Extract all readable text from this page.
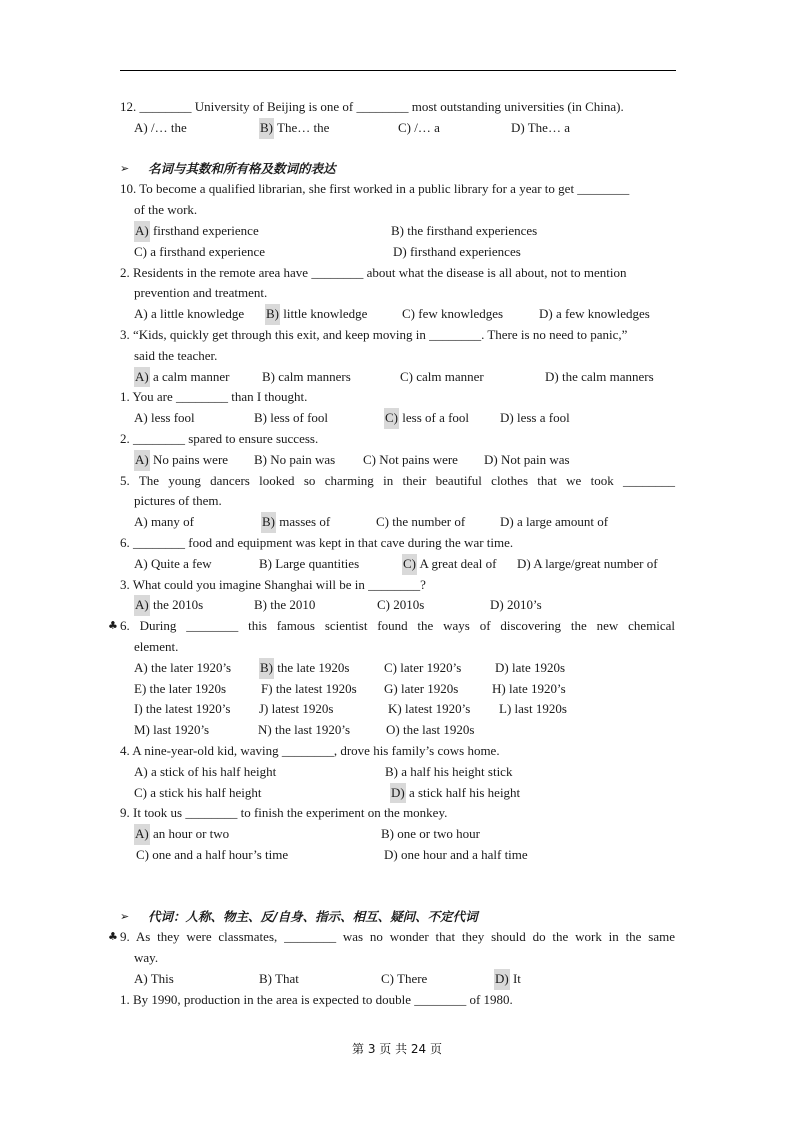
12. ________ University of Beijing is one of ________ most outstanding universities (in China).
A) /… the	B) The… the	C) /… a	D) The… a
➢ 名词与其数和所有格及数词的表达
10. To become a qualified librarian, she first worked in a public library for a year to get ________
of the work.
A) firsthand experience	B) the firsthand experiences
C) a firsthand experience	D) firsthand experiences
2. Residents in the remote area have ________ about what the disease is all about, not to mention
prevention and treatment.
A) a little knowledge B) little knowledge	C) few knowledges	D) a few knowledges
3. “Kids, quickly get through this exit, and keep moving in ________. There is no need to panic,”
said the teacher.
A) a calm manner	B) calm manners	C) calm manner	D) the calm manners
1. You are ________ than I thought.
A) less fool	B) less of fool	C) less of a fool D) less a fool
2. ________ spared to ensure success.
A) No pains were B) No pain was C) Not pains were D) Not pain was
5. The young dancers looked so charming in their beautiful clothes that we took ________
pictures of them.
A) many of	B) masses of	C) the number of	D) a large amount of
6. ________ food and equipment was kept in that cave during the war time.
A) Quite a few	B) Large quantities	C) A great deal of D) A large/great number of
3. What could you imagine Shanghai will be in ________?
A) the 2010s	B) the 2010	C) 2010s	D) 2010’s
♣ 6. During ________ this famous scientist found the ways of discovering the new chemical
element.
A) the later 1920’s B) the late 1920s	C) later 1920’s	D) late 1920s
E) the later 1920s	F) the latest 1920s G) later 1920s	H) late 1920’s
I) the latest 1920’s J) latest 1920s	K) latest 1920’s L) last 1920s
M) last 1920’s	N) the last 1920’s	O) the last 1920s
4. A nine-year-old kid, waving ________, drove his family’s cows home.
A) a stick of his half height	B) a half his height stick
C) a stick his half height	D) a stick half his height
9. It took us ________ to finish the experiment on the monkey.
A) an hour or two	B) one or two hour
C) one and a half hour’s time	D) one hour and a half time
➢ 代词：人称、物主、反/自身、指示、相互、疑问、不定代词
♣ 9. As they were classmates, ________ was no wonder that they should do the work in the same
way.
A) This	B) That	C) There	D) It
1. By 1990, production in the area is expected to double ________ of 1980.
第 3 页 共 24 页
